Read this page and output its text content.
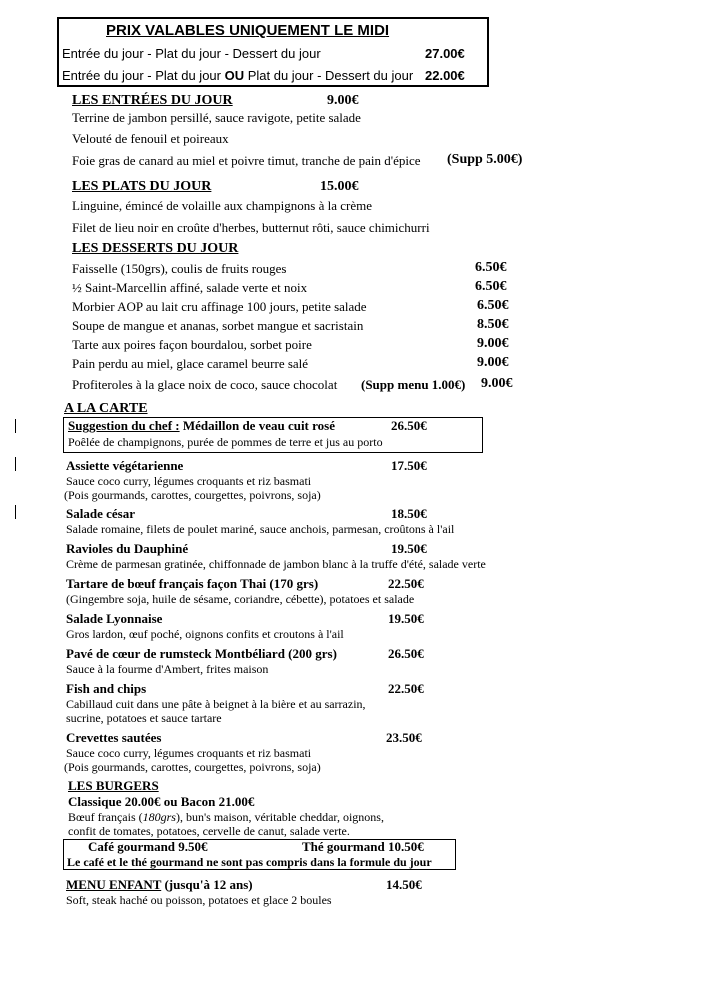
PRIX VALABLES UNIQUEMENT LE MIDI
Entrée du jour - Plat du jour - Dessert du jour	27.00€
Entrée du jour - Plat du jour OU Plat du jour - Dessert du jour 22.00€
LES ENTRÉES DU JOUR	9.00€
Terrine de jambon persillé, sauce ravigote, petite salade
Velouté de fenouil et poireaux
Foie gras de canard au miel et poivre timut, tranche de pain d'épice (Supp 5.00€)
LES PLATS DU JOUR	15.00€
Linguine, émincé de volaille aux champignons à la crème
Filet de lieu noir en croûte d'herbes, butternut rôti, sauce chimichurri
LES DESSERTS DU JOUR
Faisselle (150grs), coulis de fruits rouges	6.50€
½ Saint-Marcellin affiné, salade verte et noix	6.50€
Morbier AOP au lait cru affinage 100 jours, petite salade	6.50€
Soupe de mangue et ananas, sorbet mangue et sacristain	8.50€
Tarte aux poires façon bourdalou, sorbet poire	9.00€
Pain perdu au miel, glace caramel beurre salé	9.00€
Profiteroles à la glace noix de coco, sauce chocolat (Supp menu 1.00€) 9.00€
A LA CARTE
Suggestion du chef : Médaillon de veau cuit rosé	26.50€
Poêlée de champignons, purée de pommes de terre et jus au porto
Assiette végétarienne	17.50€
Sauce coco curry, légumes croquants et riz basmati
(Pois gourmands, carottes, courgettes, poivrons, soja)
Salade césar	18.50€
Salade romaine, filets de poulet mariné, sauce anchois, parmesan, croûtons à l'ail
Ravioles du Dauphiné	19.50€
Crème de parmesan gratinée, chiffonnade de jambon blanc à la truffe d'été, salade verte
Tartare de bœuf français façon Thai (170 grs)	22.50€
(Gingembre soja, huile de sésame, coriandre, cébette), potatoes et salade
Salade Lyonnaise	19.50€
Gros lardon, œuf poché, oignons confits et croutons à l'ail
Pavé de cœur de rumsteck Montbéliard (200 grs)	26.50€
Sauce à la fourme d'Ambert, frites maison
Fish and chips	22.50€
Cabillaud cuit dans une pâte à beignet à la bière et au sarrazin,
sucrine, potatoes et sauce tartare
Crevettes sautées	23.50€
Sauce coco curry, légumes croquants et riz basmati
(Pois gourmands, carottes, courgettes, poivrons, soja)
LES BURGERS
Classique 20.00€ ou Bacon 21.00€
Bœuf français (180grs), bun's maison, véritable cheddar, oignons,
confit de tomates, potatoes, cervelle de canut, salade verte.
Café gourmand 9.50€	Thé gourmand 10.50€
Le café et le thé gourmand ne sont pas compris dans la formule du jour
MENU ENFANT (jusqu'à 12 ans)	14.50€
Soft, steak haché ou poisson, potatoes et glace 2 boules
